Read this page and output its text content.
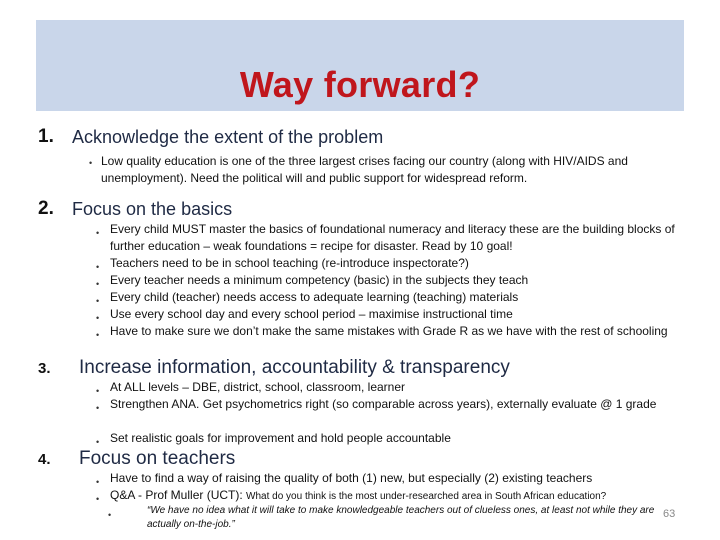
Way forward?
1. Acknowledge the extent of the problem
• Low quality education is one of the three largest crises facing our country (along with HIV/AIDS and unemployment). Need the political will and public support for widespread reform.
2. Focus on the basics
• Every child MUST master the basics of foundational numeracy and literacy these are the building blocks of further education – weak foundations = recipe for disaster. Read by 10 goal!
• Teachers need to be in school teaching (re-introduce inspectorate?)
• Every teacher needs a minimum competency (basic) in the subjects they teach
• Every child (teacher) needs access to adequate learning (teaching) materials
• Use every school day and every school period – maximise instructional time
• Have to make sure we don’t make the same mistakes with Grade R as we have with the rest of schooling
3. Increase information, accountability & transparency
• At ALL levels – DBE, district, school, classroom, learner
• Strengthen ANA. Get psychometrics right (so comparable across years), externally evaluate @ 1 grade
• Set realistic goals for improvement and hold people accountable
4. Focus on teachers
• Have to find a way of raising the quality of both (1) new, but especially (2) existing teachers
• Q&A - Prof Muller (UCT): What do you think is the most under-researched area in South African education?
•	“We have no idea what it will take to make knowledgeable teachers out of clueless ones, at least not while they are actually on-the-job.”
63
